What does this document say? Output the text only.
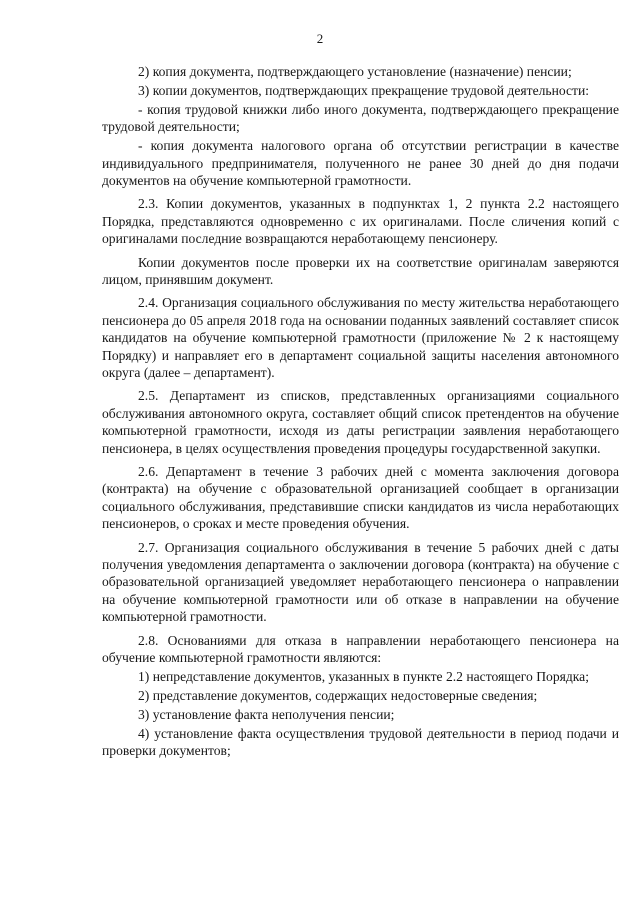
2

2) копия документа, подтверждающего установление (назначение) пенсии;

3) копии документов, подтверждающих прекращение трудовой деятельности:

- копия трудовой книжки либо иного документа, подтверждающего прекращение трудовой деятельности;

- копия документа налогового органа об отсутствии регистрации в качестве индивидуального предпринимателя, полученного не ранее 30 дней до дня подачи документов на обучение компьютерной грамотности.

2.3. Копии документов, указанных в подпунктах 1, 2 пункта 2.2 настоящего Порядка, представляются одновременно с их оригиналами. После сличения копий с оригиналами последние возвращаются неработающему пенсионеру.

Копии документов после проверки их на соответствие оригиналам заверяются лицом, принявшим документ.

2.4. Организация социального обслуживания по месту жительства неработающего пенсионера до 05 апреля 2018 года на основании поданных заявлений составляет список кандидатов на обучение компьютерной грамотности (приложение № 2 к настоящему Порядку) и направляет его в департамент социальной защиты населения автономного округа (далее – департамент).

2.5. Департамент из списков, представленных организациями социального обслуживания автономного округа, составляет общий список претендентов на обучение компьютерной грамотности, исходя из даты регистрации заявления неработающего пенсионера, в целях осуществления проведения процедуры государственной закупки.

2.6. Департамент в течение 3 рабочих дней с момента заключения договора (контракта) на обучение с образовательной организацией сообщает в организации социального обслуживания, представившие списки кандидатов из числа неработающих пенсионеров, о сроках и месте проведения обучения.

2.7. Организация социального обслуживания в течение 5 рабочих дней с даты получения уведомления департамента о заключении договора (контракта) на обучение с образовательной организацией уведомляет неработающего пенсионера о направлении на обучение компьютерной грамотности или об отказе в направлении на обучение компьютерной грамотности.

2.8. Основаниями для отказа в направлении неработающего пенсионера на обучение компьютерной грамотности являются:

1) непредставление документов, указанных в пункте 2.2 настоящего Порядка;

2) представление документов, содержащих недостоверные сведения;

3) установление факта неполучения пенсии;

4) установление факта осуществления трудовой деятельности в период подачи и проверки документов;
